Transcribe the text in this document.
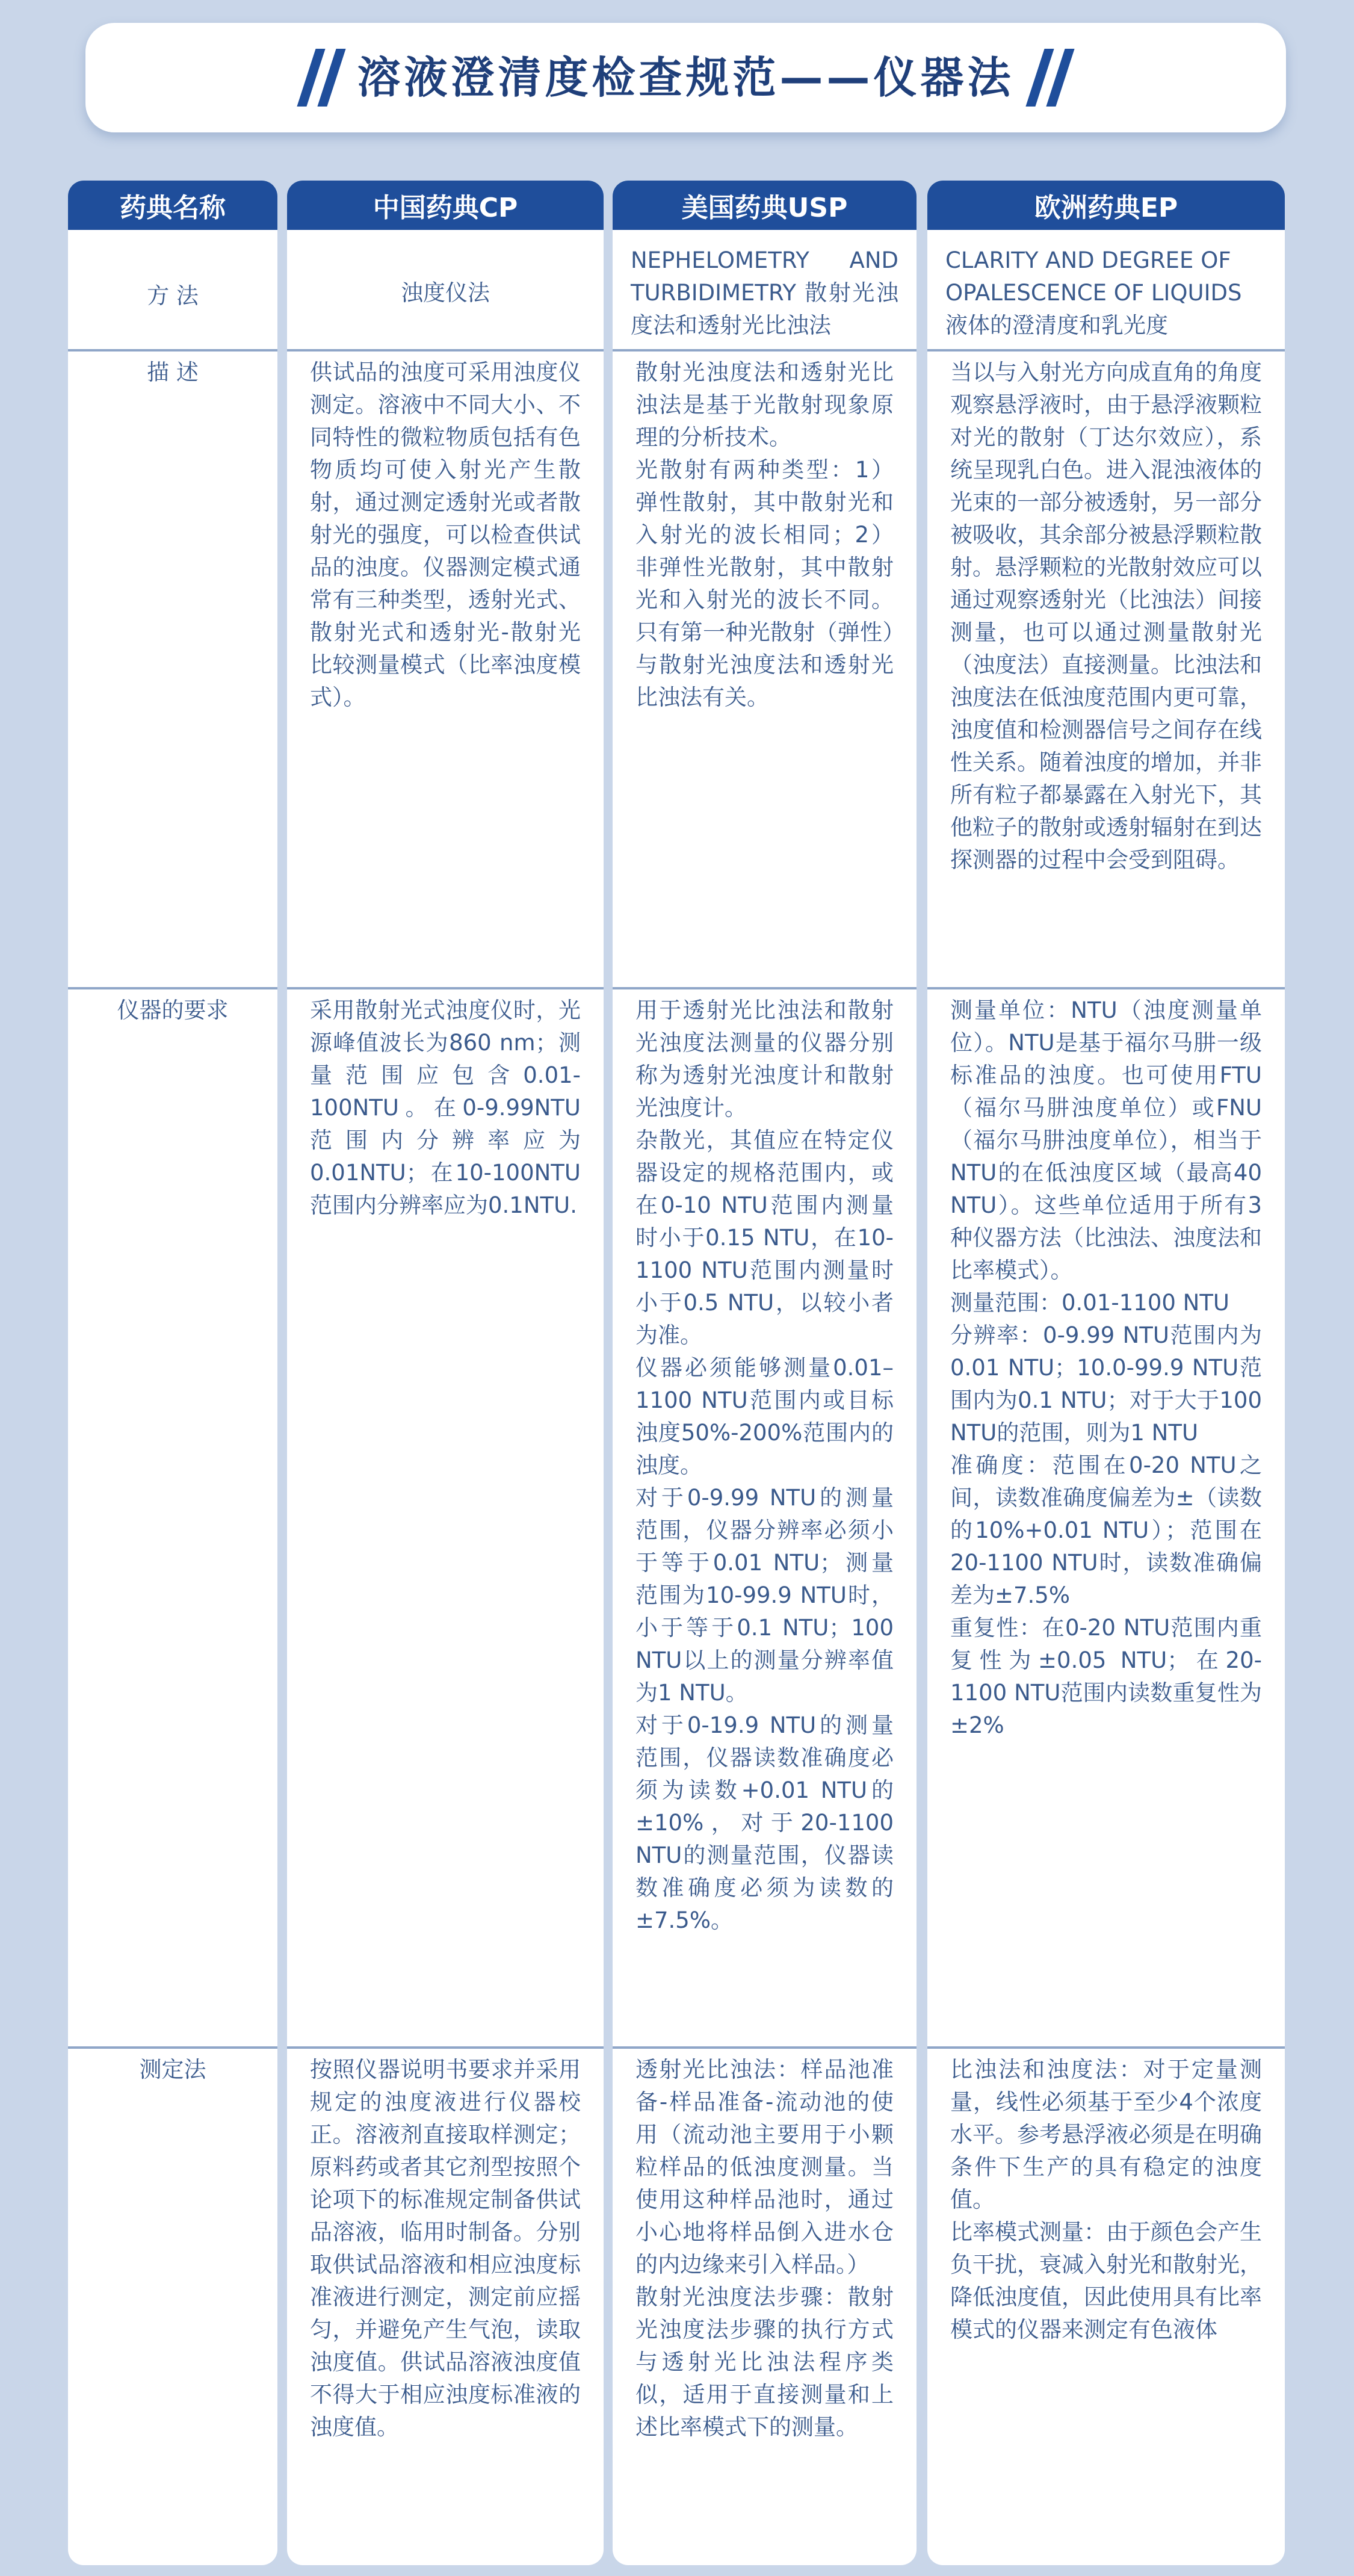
溶液澄清度检查规范——仪器法
药典名称
方 法
描 述
仪器的要求
测定法
中国药典CP
浊度仪法
供试品的浊度可采用浊度仪测定。溶液中不同大小、不同特性的微粒物质包括有色物质均可使入射光产生散射，通过测定透射光或者散射光的强度，可以检查供试品的浊度。仪器测定模式通常有三种类型，透射光式、散射光式和透射光-散射光比较测量模式（比率浊度模式）。
采用散射光式浊度仪时，光源峰值波长为860 nm；测量范围应包含0.01-100NTU。在0-9.99NTU范围内分辨率应为0.01NTU；在10-100NTU范围内分辨率应为0.1NTU.
按照仪器说明书要求并采用规定的浊度液进行仪器校正。溶液剂直接取样测定；原料药或者其它剂型按照个论项下的标准规定制备供试品溶液，临用时制备。分别取供试品溶液和相应浊度标准液进行测定，测定前应摇匀，并避免产生气泡，读取浊度值。供试品溶液浊度值不得大于相应浊度标准液的浊度值。
美国药典USP
NEPHELOMETRY AND TURBIDIMETRY 散射光浊度法和透射光比浊法
散射光浊度法和透射光比浊法是基于光散射现象原理的分析技术。
光散射有两种类型：1）弹性散射，其中散射光和入射光的波长相同；2）非弹性光散射，其中散射光和入射光的波长不同。只有第一种光散射（弹性）与散射光浊度法和透射光比浊法有关。
用于透射光比浊法和散射光浊度法测量的仪器分别称为透射光浊度计和散射光浊度计。
杂散光，其值应在特定仪器设定的规格范围内，或在0-10 NTU范围内测量时小于0.15 NTU，在10-1100 NTU范围内测量时小于0.5 NTU，以较小者为准。
仪器必须能够测量0.01–1100 NTU范围内或目标浊度50%-200%范围内的浊度。
对于0-9.99 NTU的测量范围，仪器分辨率必须小于等于0.01 NTU；测量范围为10-99.9 NTU时，小于等于0.1 NTU；100 NTU以上的测量分辨率值为1 NTU。
对于0-19.9 NTU的测量范围，仪器读数准确度必须为读数+0.01 NTU的±10%，对于20-1100 NTU的测量范围，仪器读数准确度必须为读数的±7.5%。
透射光比浊法：样品池准备-样品准备-流动池的使用（流动池主要用于小颗粒样品的低浊度测量。当使用这种样品池时，通过小心地将样品倒入进水仓的内边缘来引入样品。）
散射光浊度法步骤：散射光浊度法步骤的执行方式与透射光比浊法程序类似，适用于直接测量和上述比率模式下的测量。
欧洲药典EP
CLARITY AND DEGREE OF OPALESCENCE OF LIQUIDS 液体的澄清度和乳光度
当以与入射光方向成直角的角度观察悬浮液时，由于悬浮液颗粒对光的散射（丁达尔效应），系统呈现乳白色。进入混浊液体的光束的一部分被透射，另一部分被吸收，其余部分被悬浮颗粒散射。悬浮颗粒的光散射效应可以通过观察透射光（比浊法）间接测量，也可以通过测量散射光（浊度法）直接测量。比浊法和浊度法在低浊度范围内更可靠，浊度值和检测器信号之间存在线性关系。随着浊度的增加，并非所有粒子都暴露在入射光下，其他粒子的散射或透射辐射在到达探测器的过程中会受到阻碍。
测量单位：NTU（浊度测量单位）。NTU是基于福尔马肼一级标准品的浊度。也可使用FTU（福尔马肼浊度单位）或FNU（福尔马肼浊度单位），相当于NTU的在低浊度区域（最高40 NTU）。这些单位适用于所有3种仪器方法（比浊法、浊度法和比率模式）。
测量范围：0.01-1100 NTU
分辨率：0-9.99 NTU范围内为0.01 NTU；10.0-99.9 NTU范围内为0.1 NTU；对于大于100 NTU的范围，则为1 NTU
准确度：范围在0-20 NTU之间，读数准确度偏差为±（读数的10%+0.01 NTU）；范围在20-1100 NTU时，读数准确偏差为±7.5%
重复性：在0-20 NTU范围内重复性为±0.05 NTU；在20-1100 NTU范围内读数重复性为±2%
比浊法和浊度法：对于定量测量，线性必须基于至少4个浓度水平。参考悬浮液必须是在明确条件下生产的具有稳定的浊度值。
比率模式测量：由于颜色会产生负干扰，衰减入射光和散射光，降低浊度值，因此使用具有比率模式的仪器来测定有色液体
